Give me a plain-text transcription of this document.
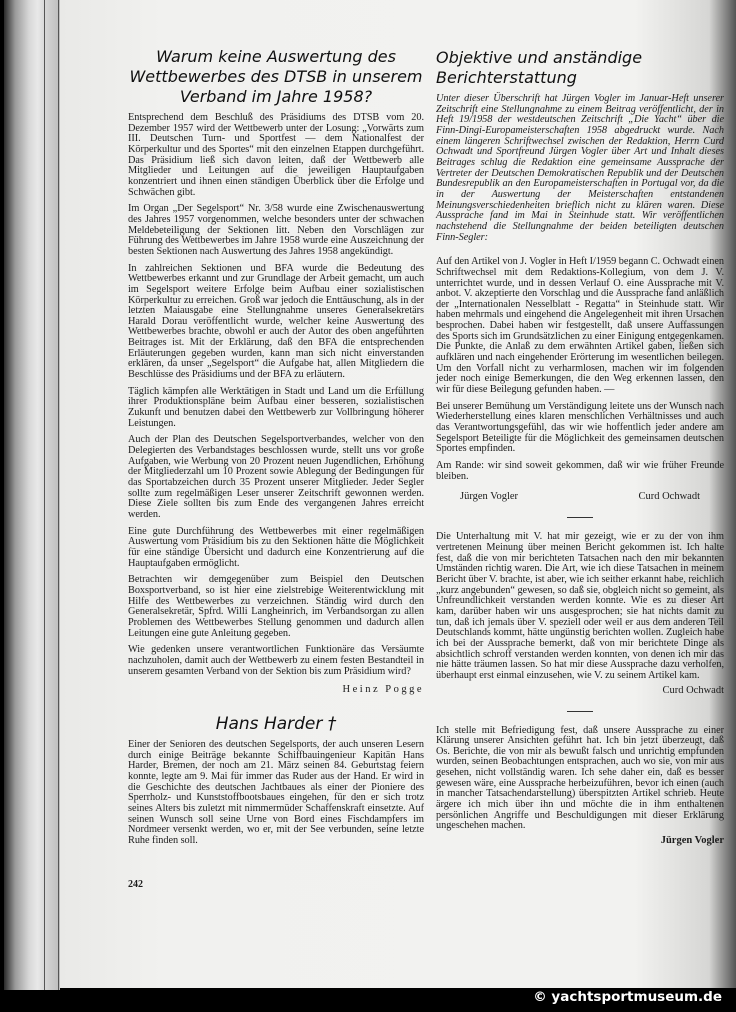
Warum keine Auswertung des Wettbewerbes des DTSB in unserem Verband im Jahre 1958?
Entsprechend dem Beschluß des Präsidiums des DTSB vom 20. Dezember 1957 wird der Wettbewerb unter der Losung: „Vorwärts zum III. Deutschen Turn- und Sportfest — dem Nationalfest der Körperkultur und des Sportes“ mit den einzelnen Etappen durchgeführt. Das Präsidium ließ sich davon leiten, daß der Wettbewerb alle Mitglieder und Leitungen auf die jeweiligen Hauptaufgaben konzentriert und ihnen einen ständigen Überblick über die Erfolge und Schwächen gibt.
Im Organ „Der Segelsport“ Nr. 3/58 wurde eine Zwischenauswertung des Jahres 1957 vorgenommen, welche besonders unter der schwachen Meldebeteiligung der Sektionen litt. Neben den Vorschlägen zur Führung des Wettbewerbes im Jahre 1958 wurde eine Auszeichnung der besten Sektionen nach Auswertung des Jahres 1958 angekündigt.
In zahlreichen Sektionen und BFA wurde die Bedeutung des Wettbewerbes erkannt und zur Grundlage der Arbeit gemacht, um auch im Segelsport weitere Erfolge beim Aufbau einer sozialistischen Körperkultur zu erreichen. Groß war jedoch die Enttäuschung, als in der letzten Maiausgabe eine Stellungnahme unseres Generalsekretärs Harald Dorau veröffentlicht wurde, welcher keine Auswertung des Wettbewerbes brachte, obwohl er auch der Autor des oben angeführten Beitrages ist. Mit der Erklärung, daß den BFA die entsprechenden Erläuterungen gegeben wurden, kann man sich nicht einverstanden erklären, da unser „Segelsport“ die Aufgabe hat, allen Mitgliedern die Beschlüsse des Präsidiums und der BFA zu erläutern.
Täglich kämpfen alle Werktätigen in Stadt und Land um die Erfüllung ihrer Produktionspläne beim Aufbau einer besseren, sozialistischen Zukunft und benutzen dabei den Wettbewerb zur Vollbringung höherer Leistungen.
Auch der Plan des Deutschen Segelsportverbandes, welcher von den Delegierten des Verbandstages beschlossen wurde, stellt uns vor große Aufgaben, wie Werbung von 20 Prozent neuen Jugendlichen, Erhöhung der Mitgliederzahl um 10 Prozent sowie Ablegung der Bedingungen für das Sportabzeichen durch 35 Prozent unserer Mitglieder. Jeder Segler sollte zum regelmäßigen Leser unserer Zeitschrift gewonnen werden. Diese Ziele sollten bis zum Ende des vergangenen Jahres erreicht werden.
Eine gute Durchführung des Wettbewerbes mit einer regelmäßigen Auswertung vom Präsidium bis zu den Sektionen hätte die Möglichkeit für eine ständige Übersicht und dadurch eine Konzentrierung auf die Hauptaufgaben ermöglicht.
Betrachten wir demgegenüber zum Beispiel den Deutschen Boxsportverband, so ist hier eine zielstrebige Weiterentwicklung mit Hilfe des Wettbewerbes zu verzeichnen. Ständig wird durch den Generalsekretär, Spfrd. Willi Langheinrich, im Verbandsorgan zu allen Problemen des Wettbewerbes Stellung genommen und dadurch allen Leitungen eine gute Anleitung gegeben.
Wie gedenken unsere verantwortlichen Funktionäre das Versäumte nachzuholen, damit auch der Wettbewerb zu einem festen Bestandteil in unserem gesamten Verband von der Sektion bis zum Präsidium wird?
Heinz Pogge
Hans Harder †
Einer der Senioren des deutschen Segelsports, der auch unseren Lesern durch einige Beiträge bekannte Schiffbauingenieur Kapitän Hans Harder, Bremen, der noch am 21. März seinen 84. Geburtstag feiern konnte, legte am 9. Mai für immer das Ruder aus der Hand. Er wird in die Geschichte des deutschen Jachtbaues als einer der Pioniere des Sperrholz- und Kunststoffbootsbaues eingehen, für den er sich trotz seines Alters bis zuletzt mit nimmermüder Schaffenskraft einsetzte. Auf seinen Wunsch soll seine Urne von Bord eines Fischdampfers im Nordmeer versenkt werden, wo er, mit der See verbunden, seine letzte Ruhe finden soll.
242
Objektive und anständige Berichterstattung
Unter dieser Überschrift hat Jürgen Vogler im Januar-Heft unserer Zeitschrift eine Stellungnahme zu einem Beitrag veröffentlicht, der in Heft 19/1958 der westdeutschen Zeitschrift „Die Yacht“ über die Finn-Dingi-Europameisterschaften 1958 abgedruckt wurde. Nach einem längeren Schriftwechsel zwischen der Redaktion, Herrn Curd Ochwadt und Sportfreund Jürgen Vogler über Art und Inhalt dieses Beitrages schlug die Redaktion eine gemeinsame Aussprache der Vertreter der Deutschen Demokratischen Republik und der Deutschen Bundesrepublik an den Europameisterschaften in Portugal vor, da die in der Auswertung der Meisterschaften entstandenen Meinungsverschiedenheiten brieflich nicht zu klären waren. Diese Aussprache fand im Mai in Steinhude statt. Wir veröffentlichen nachstehend die Stellungnahme der beiden beteiligten deutschen Finn-Segler:
Auf den Artikel von J. Vogler in Heft I/1959 begann C. Ochwadt einen Schriftwechsel mit dem Redaktions-Kollegium, von dem J. V. unterrichtet wurde, und in dessen Verlauf O. eine Aussprache mit V. anbot. V. akzeptierte den Vorschlag und die Aussprache fand anläßlich der „Internationalen Nesselblatt - Regatta“ in Steinhude statt. Wir haben mehrmals und eingehend die Angelegenheit mit ihren Ursachen besprochen. Dabei haben wir festgestellt, daß unsere Auffassungen des Sports sich im Grundsätzlichen zu einer Einigung entgegenkamen. Die Punkte, die Anlaß zu dem erwähnten Artikel gaben, ließen sich aufklären und nach eingehender Erörterung im wesentlichen beilegen. Um den Vorfall nicht zu verharmlosen, machen wir im folgenden jeder noch einige Bemerkungen, die den Weg erkennen lassen, den wir für diese Beilegung gefunden haben. —
Bei unserer Bemühung um Verständigung leitete uns der Wunsch nach Wiederherstellung eines klaren menschlichen Verhältnisses und auch das Verantwortungsgefühl, das wir wie hoffentlich jeder andere am Segelsport Beteiligte für die Möglichkeit des gemeinsamen deutschen Sportes empfinden.
Am Rande: wir sind soweit gekommen, daß wir wie früher Freunde bleiben.
Jürgen Vogler	Curd Ochwadt
Die Unterhaltung mit V. hat mir gezeigt, wie er zu der von ihm vertretenen Meinung über meinen Bericht gekommen ist. Ich halte fest, daß die von mir berichteten Tatsachen nach den mir bekannten Umständen richtig waren. Die Art, wie ich diese Tatsachen in meinem Bericht über V. brachte, ist aber, wie ich seither erkannt habe, reichlich „kurz angebunden“ gewesen, so daß sie, obgleich nicht so gemeint, als Unfreundlichkeit verstanden werden konnte. Wie es zu dieser Art kam, darüber haben wir uns ausgesprochen; sie hat nichts damit zu tun, daß ich jemals über V. speziell oder weil er aus dem anderen Teil Deutschlands kommt, hätte ungünstig berichten wollen. Zugleich habe ich bei der Aussprache bemerkt, daß von mir berichtete Dinge als absichtlich schroff verstanden werden konnten, von denen ich mir das nie hätte träumen lassen. So hat mir diese Aussprache dazu verholfen, überhaupt erst einmal einzusehen, wie V. zu seinem Artikel kam.
Curd Ochwadt
Ich stelle mit Befriedigung fest, daß unsere Aussprache zu einer Klärung unserer Ansichten geführt hat. Ich bin jetzt überzeugt, daß Os. Berichte, die von mir als bewußt falsch und unrichtig empfunden wurden, seinen Beobachtungen entsprachen, auch wo sie, von mir aus gesehen, nicht vollständig waren. Ich sehe daher ein, daß es besser gewesen wäre, eine Aussprache herbeizuführen, bevor ich einen (auch in mancher Tatsachendarstellung) überspitzten Artikel schrieb. Heute ärgere ich mich über ihn und möchte die in ihm enthaltenen persönlichen Angriffe und Beschuldigungen mit dieser Erklärung ungeschehen machen.
Jürgen Vogler
© yachtsportmuseum.de
